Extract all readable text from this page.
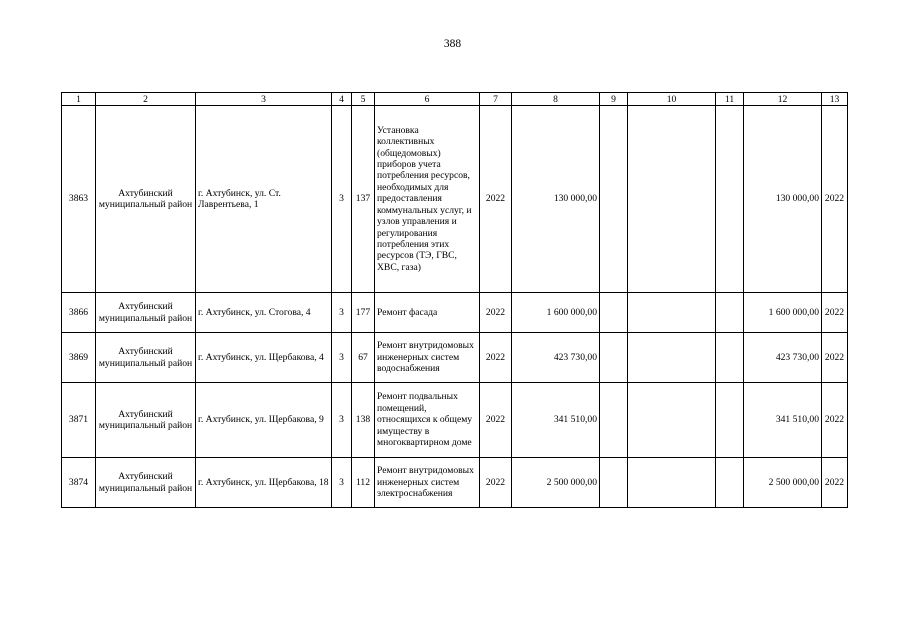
388
1	2	3	4	5	6	7	8	9	10	11	12	13
3863	Ахтубинский муниципальный район	г. Ахтубинск, ул. Ст. Лаврентьева, 1	3	137	Установка коллективных (общедомовых) приборов учета потребления ресурсов, необходимых для предоставления коммунальных услуг, и узлов управления и регулирования потребления этих ресурсов (ТЭ, ГВС, ХВС, газа)	2022	130 000,00				130 000,00	2022
3866	Ахтубинский муниципальный район	г. Ахтубинск, ул. Стогова, 4	3	177	Ремонт фасада	2022	1 600 000,00				1 600 000,00	2022
3869	Ахтубинский муниципальный район	г. Ахтубинск, ул. Щербакова, 4	3	67	Ремонт внутридомовых инженерных систем водоснабжения	2022	423 730,00				423 730,00	2022
3871	Ахтубинский муниципальный район	г. Ахтубинск, ул. Щербакова, 9	3	138	Ремонт подвальных помещений, относящихся к общему имуществу в многоквартирном доме	2022	341 510,00				341 510,00	2022
3874	Ахтубинский муниципальный район	г. Ахтубинск, ул. Щербакова, 18	3	112	Ремонт внутридомовых инженерных систем электроснабжения	2022	2 500 000,00				2 500 000,00	2022
